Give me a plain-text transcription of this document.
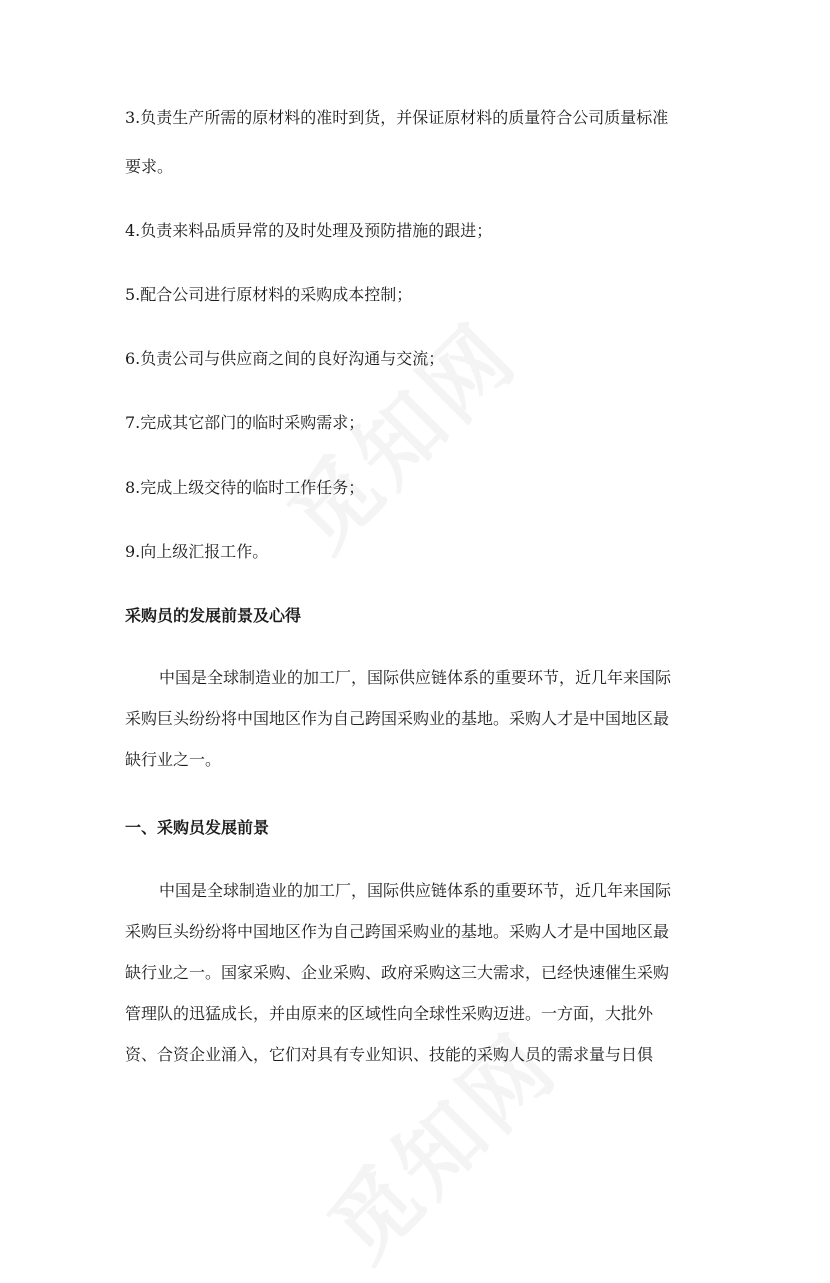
3.负责生产所需的原材料的准时到货，并保证原材料的质量符合公司质量标准
要求。
4.负责来料品质异常的及时处理及预防措施的跟进；
5.配合公司进行原材料的采购成本控制；
6.负责公司与供应商之间的良好沟通与交流；
7.完成其它部门的临时采购需求；
8.完成上级交待的临时工作任务；
9.向上级汇报工作。
采购员的发展前景及心得
中国是全球制造业的加工厂，国际供应链体系的重要环节，近几年来国际
采购巨头纷纷将中国地区作为自己跨国采购业的基地。采购人才是中国地区最
缺行业之一。
一、采购员发展前景
中国是全球制造业的加工厂，国际供应链体系的重要环节，近几年来国际
采购巨头纷纷将中国地区作为自己跨国采购业的基地。采购人才是中国地区最
缺行业之一。国家采购、企业采购、政府采购这三大需求，已经快速催生采购
管理队的迅猛成长，并由原来的区域性向全球性采购迈进。一方面，大批外
资、合资企业涌入，它们对具有专业知识、技能的采购人员的需求量与日俱
